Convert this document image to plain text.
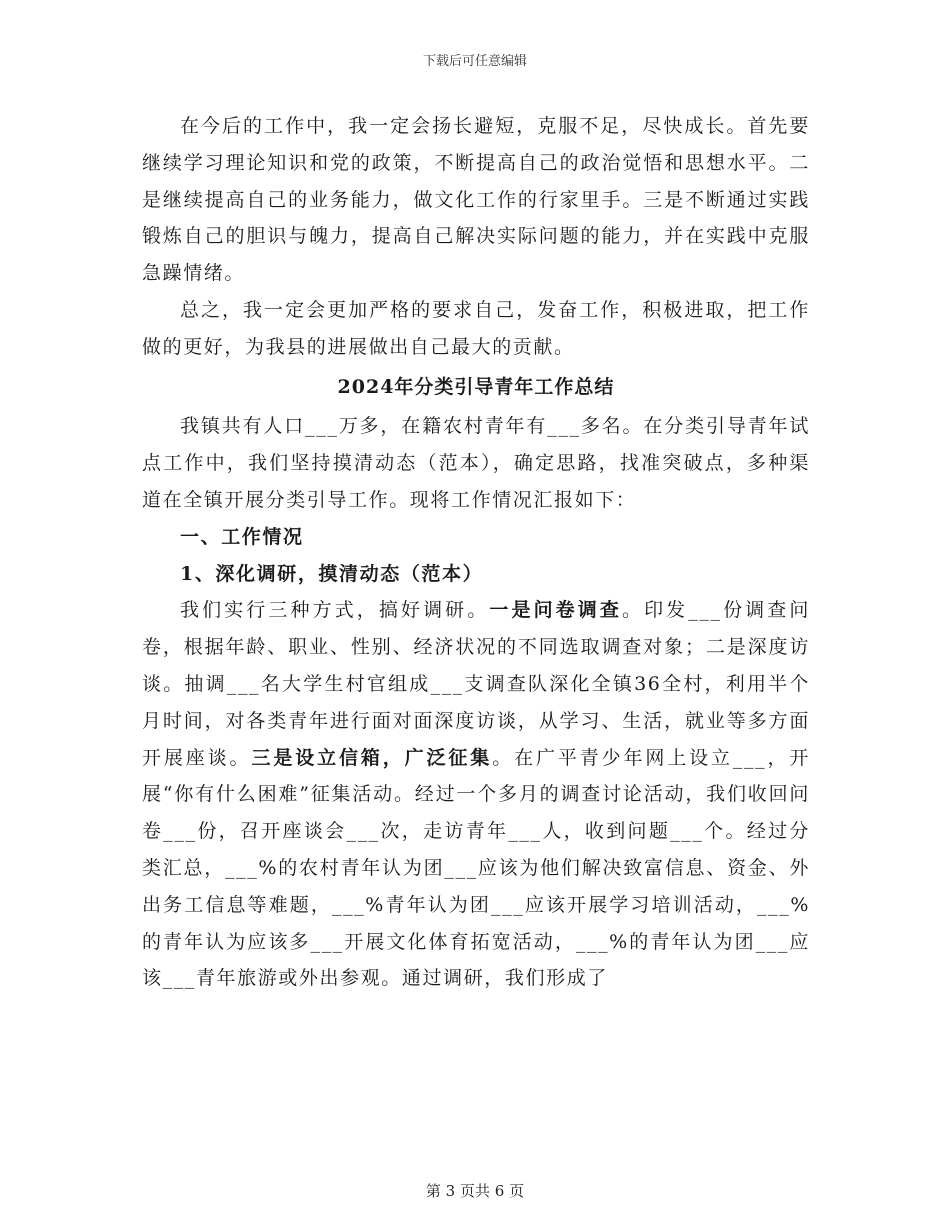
下载后可任意编辑

在今后的工作中，我一定会扬长避短，克服不足，尽快成长。首先要继续学习理论知识和党的政策，不断提高自己的政治觉悟和思想水平。二是继续提高自己的业务能力，做文化工作的行家里手。三是不断通过实践锻炼自己的胆识与魄力，提高自己解决实际问题的能力，并在实践中克服急躁情绪。

总之，我一定会更加严格的要求自己，发奋工作，积极进取，把工作做的更好，为我县的进展做出自己最大的贡献。

2024年分类引导青年工作总结

我镇共有人口___万多，在籍农村青年有___多名。在分类引导青年试点工作中，我们坚持摸清动态（范本），确定思路，找准突破点，多种渠道在全镇开展分类引导工作。现将工作情况汇报如下：

一、工作情况

1、深化调研，摸清动态（范本）

我们实行三种方式，搞好调研。一是问卷调查。印发___份调查问卷，根据年龄、职业、性别、经济状况的不同选取调查对象；二是深度访谈。抽调___名大学生村官组成___支调查队深化全镇36全村，利用半个月时间，对各类青年进行面对面深度访谈，从学习、生活，就业等多方面开展座谈。三是设立信箱，广泛征集。在广平青少年网上设立___，开展“你有什么困难”征集活动。经过一个多月的调查讨论活动，我们收回问卷___份，召开座谈会___次，走访青年___人，收到问题___个。经过分类汇总，___%的农村青年认为团___应该为他们解决致富信息、资金、外出务工信息等难题，___%青年认为团___应该开展学习培训活动，___%的青年认为应该多___开展文化体育拓宽活动，___%的青年认为团___应该___青年旅游或外出参观。通过调研，我们形成了

第 3 页共 6 页
